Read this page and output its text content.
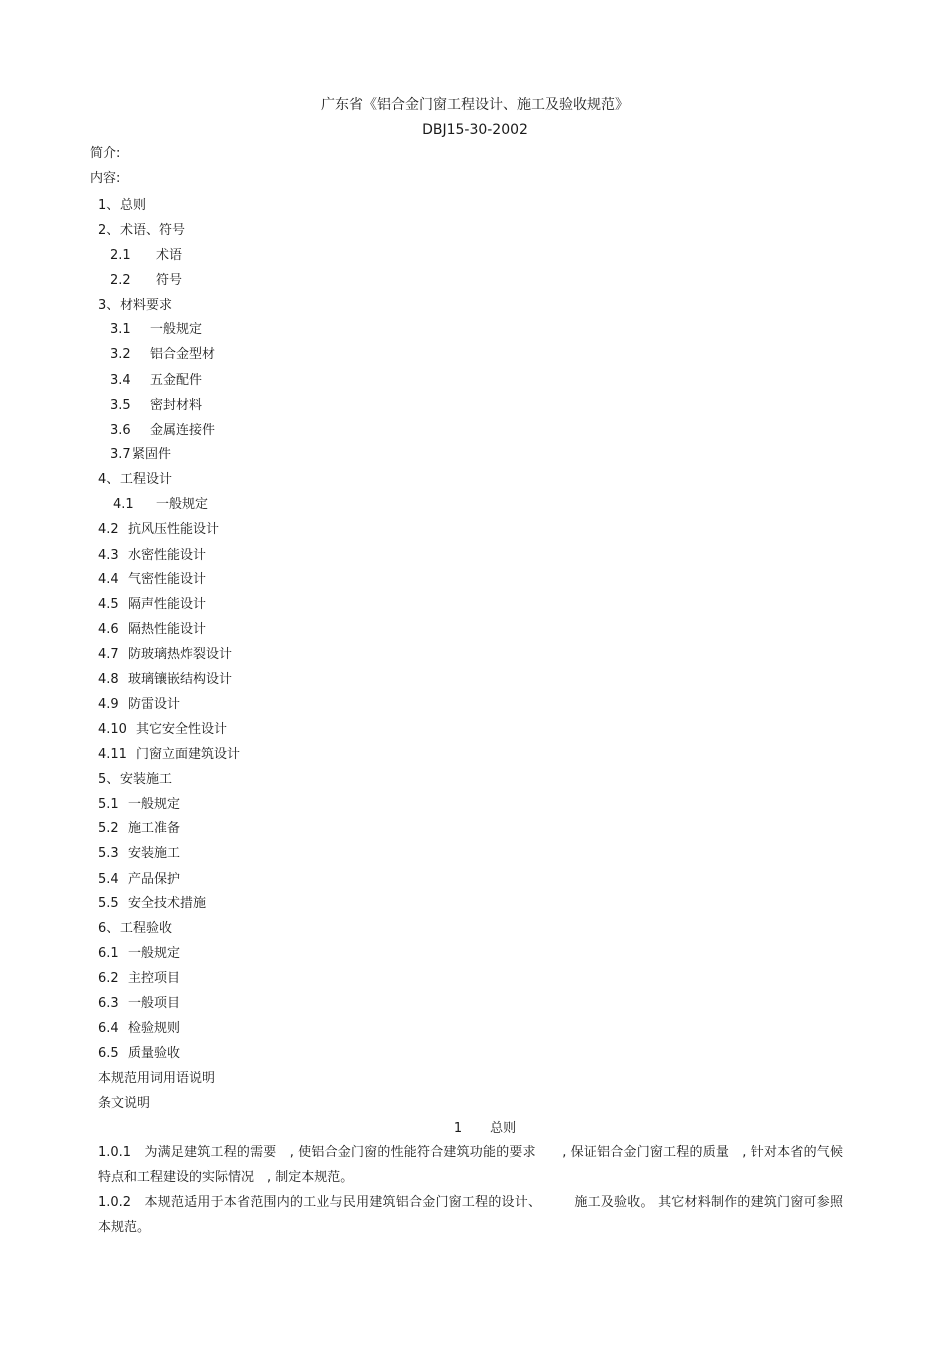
广东省《铝合金门窗工程设计、施工及验收规范》
DBJ15-30-2002
简介:
内容:
1、 总则
2、 术语、符号
2.1 术语
2.2 符号
3、 材料要求
3.1 一般规定
3.2 铝合金型材
3.4 五金配件
3.5 密封材料
3.6 金属连接件
3.7 紧固件
4、 工程设计
4.1 一般规定
4.2 抗风压性能设计
4.3 水密性能设计
4.4 气密性能设计
4.5 隔声性能设计
4.6 隔热性能设计
4.7 防玻璃热炸裂设计
4.8 玻璃镶嵌结构设计
4.9 防雷设计
4.10 其它安全性设计
4.11 门窗立面建筑设计
5、 安装施工
5.1 一般规定
5.2 施工准备
5.3 安装施工
5.4 产品保护
5.5 安全技术措施
6、 工程验收
6.1 一般规定
6.2 主控项目
6.3 一般项目
6.4 检验规则
6.5 质量验收
本规范用词用语说明
条文说明
1 总则
1.0.1　 为满足建筑工程的需要　, 使铝合金门窗的性能符合建筑功能的要求　　, 保证铝合金门窗工程的质量　, 针对本省的气候特点和工程建设的实际情况　, 制定本规范。
1.0.2　 本规范适用于本省范围内的工业与民用建筑铝合金门窗工程的设计、　　　施工及验收。 其它材料制作的建筑门窗可参照本规范。
